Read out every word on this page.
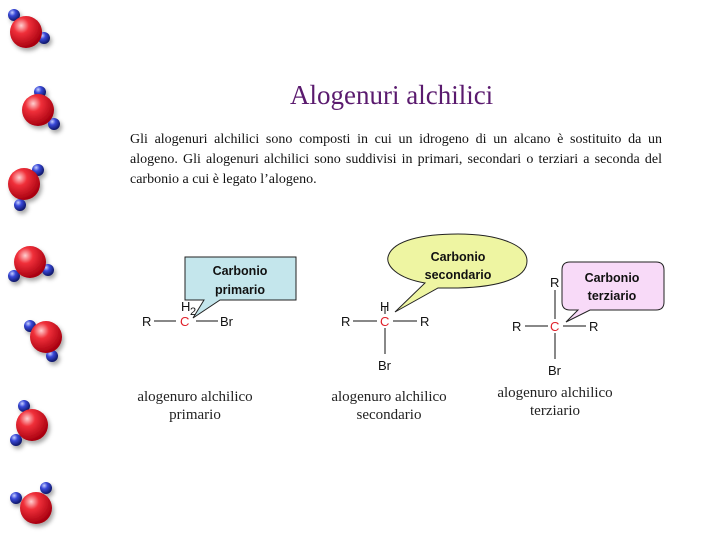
Alogenuri alchilici
Gli alogenuri alchilici sono composti in cui un idrogeno di un alcano è sostituito da un alogeno. Gli alogenuri alchilici sono suddivisi in primari, secondari o terziari a seconda del carbonio a cui è legato l’alogeno.
Carbonio
primario
R C
H 2
Br
Carbonio
secondario
R C
H
R
Br
Carbonio
terziario
R
R C R
Br
alogenuro alchilico
primario
alogenuro alchilico
secondario
alogenuro alchilico
terziario
